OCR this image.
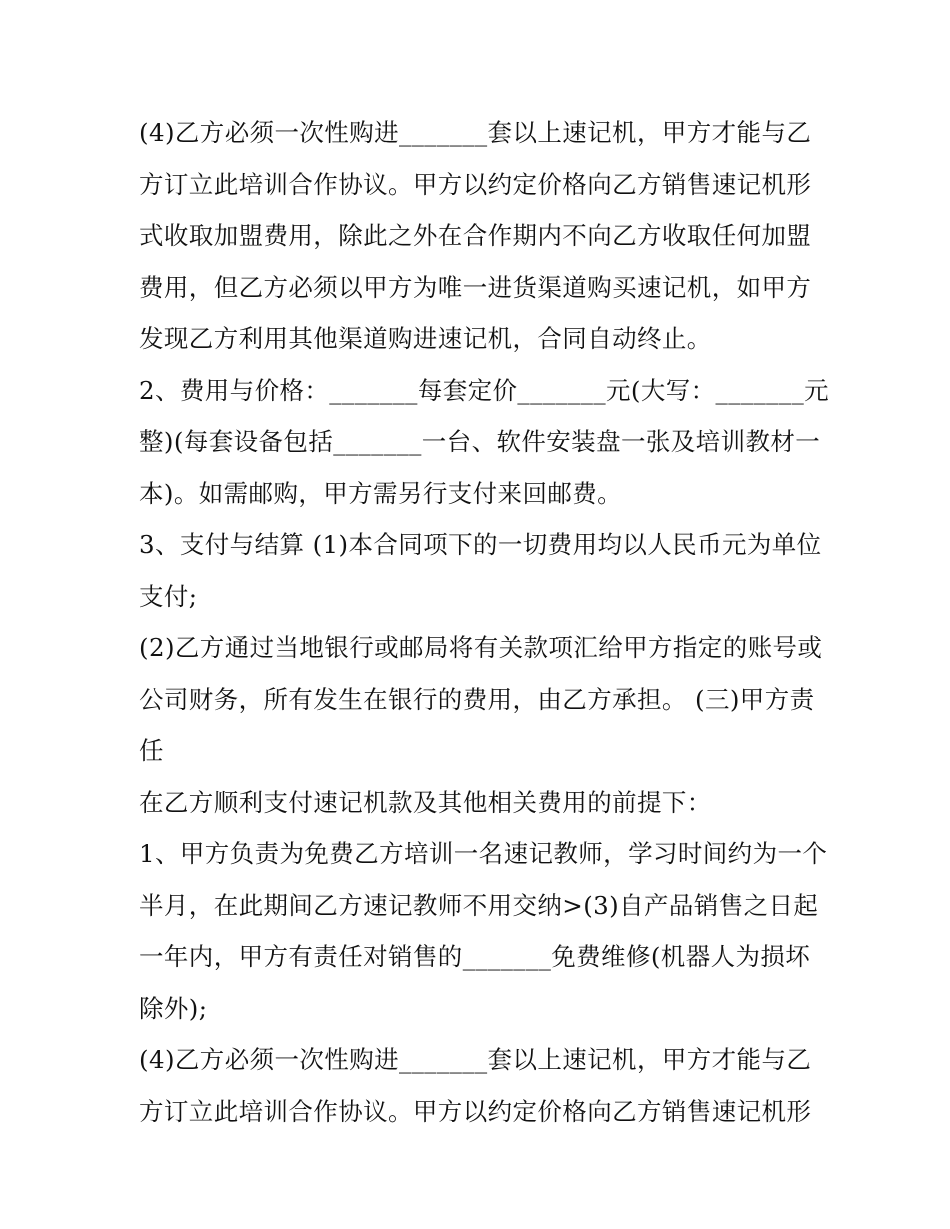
(4)乙方必须一次性购进_______套以上速记机，甲方才能与乙方订立此培训合作协议。甲方以约定价格向乙方销售速记机形式收取加盟费用，除此之外在合作期内不向乙方收取任何加盟费用，但乙方必须以甲方为唯一进货渠道购买速记机，如甲方发现乙方利用其他渠道购进速记机，合同自动终止。

2、费用与价格：_______每套定价_______元(大写：_______元整)(每套设备包括_______一台、软件安装盘一张及培训教材一本)。如需邮购，甲方需另行支付来回邮费。

3、支付与结算 (1)本合同项下的一切费用均以人民币元为单位支付;

(2)乙方通过当地银行或邮局将有关款项汇给甲方指定的账号或公司财务，所有发生在银行的费用，由乙方承担。 (三)甲方责任

在乙方顺利支付速记机款及其他相关费用的前提下：

1、甲方负责为免费乙方培训一名速记教师，学习时间约为一个半月，在此期间乙方速记教师不用交纳>(3)自产品销售之日起一年内，甲方有责任对销售的_______免费维修(机器人为损坏除外);

(4)乙方必须一次性购进_______套以上速记机，甲方才能与乙方订立此培训合作协议。甲方以约定价格向乙方销售速记机形
